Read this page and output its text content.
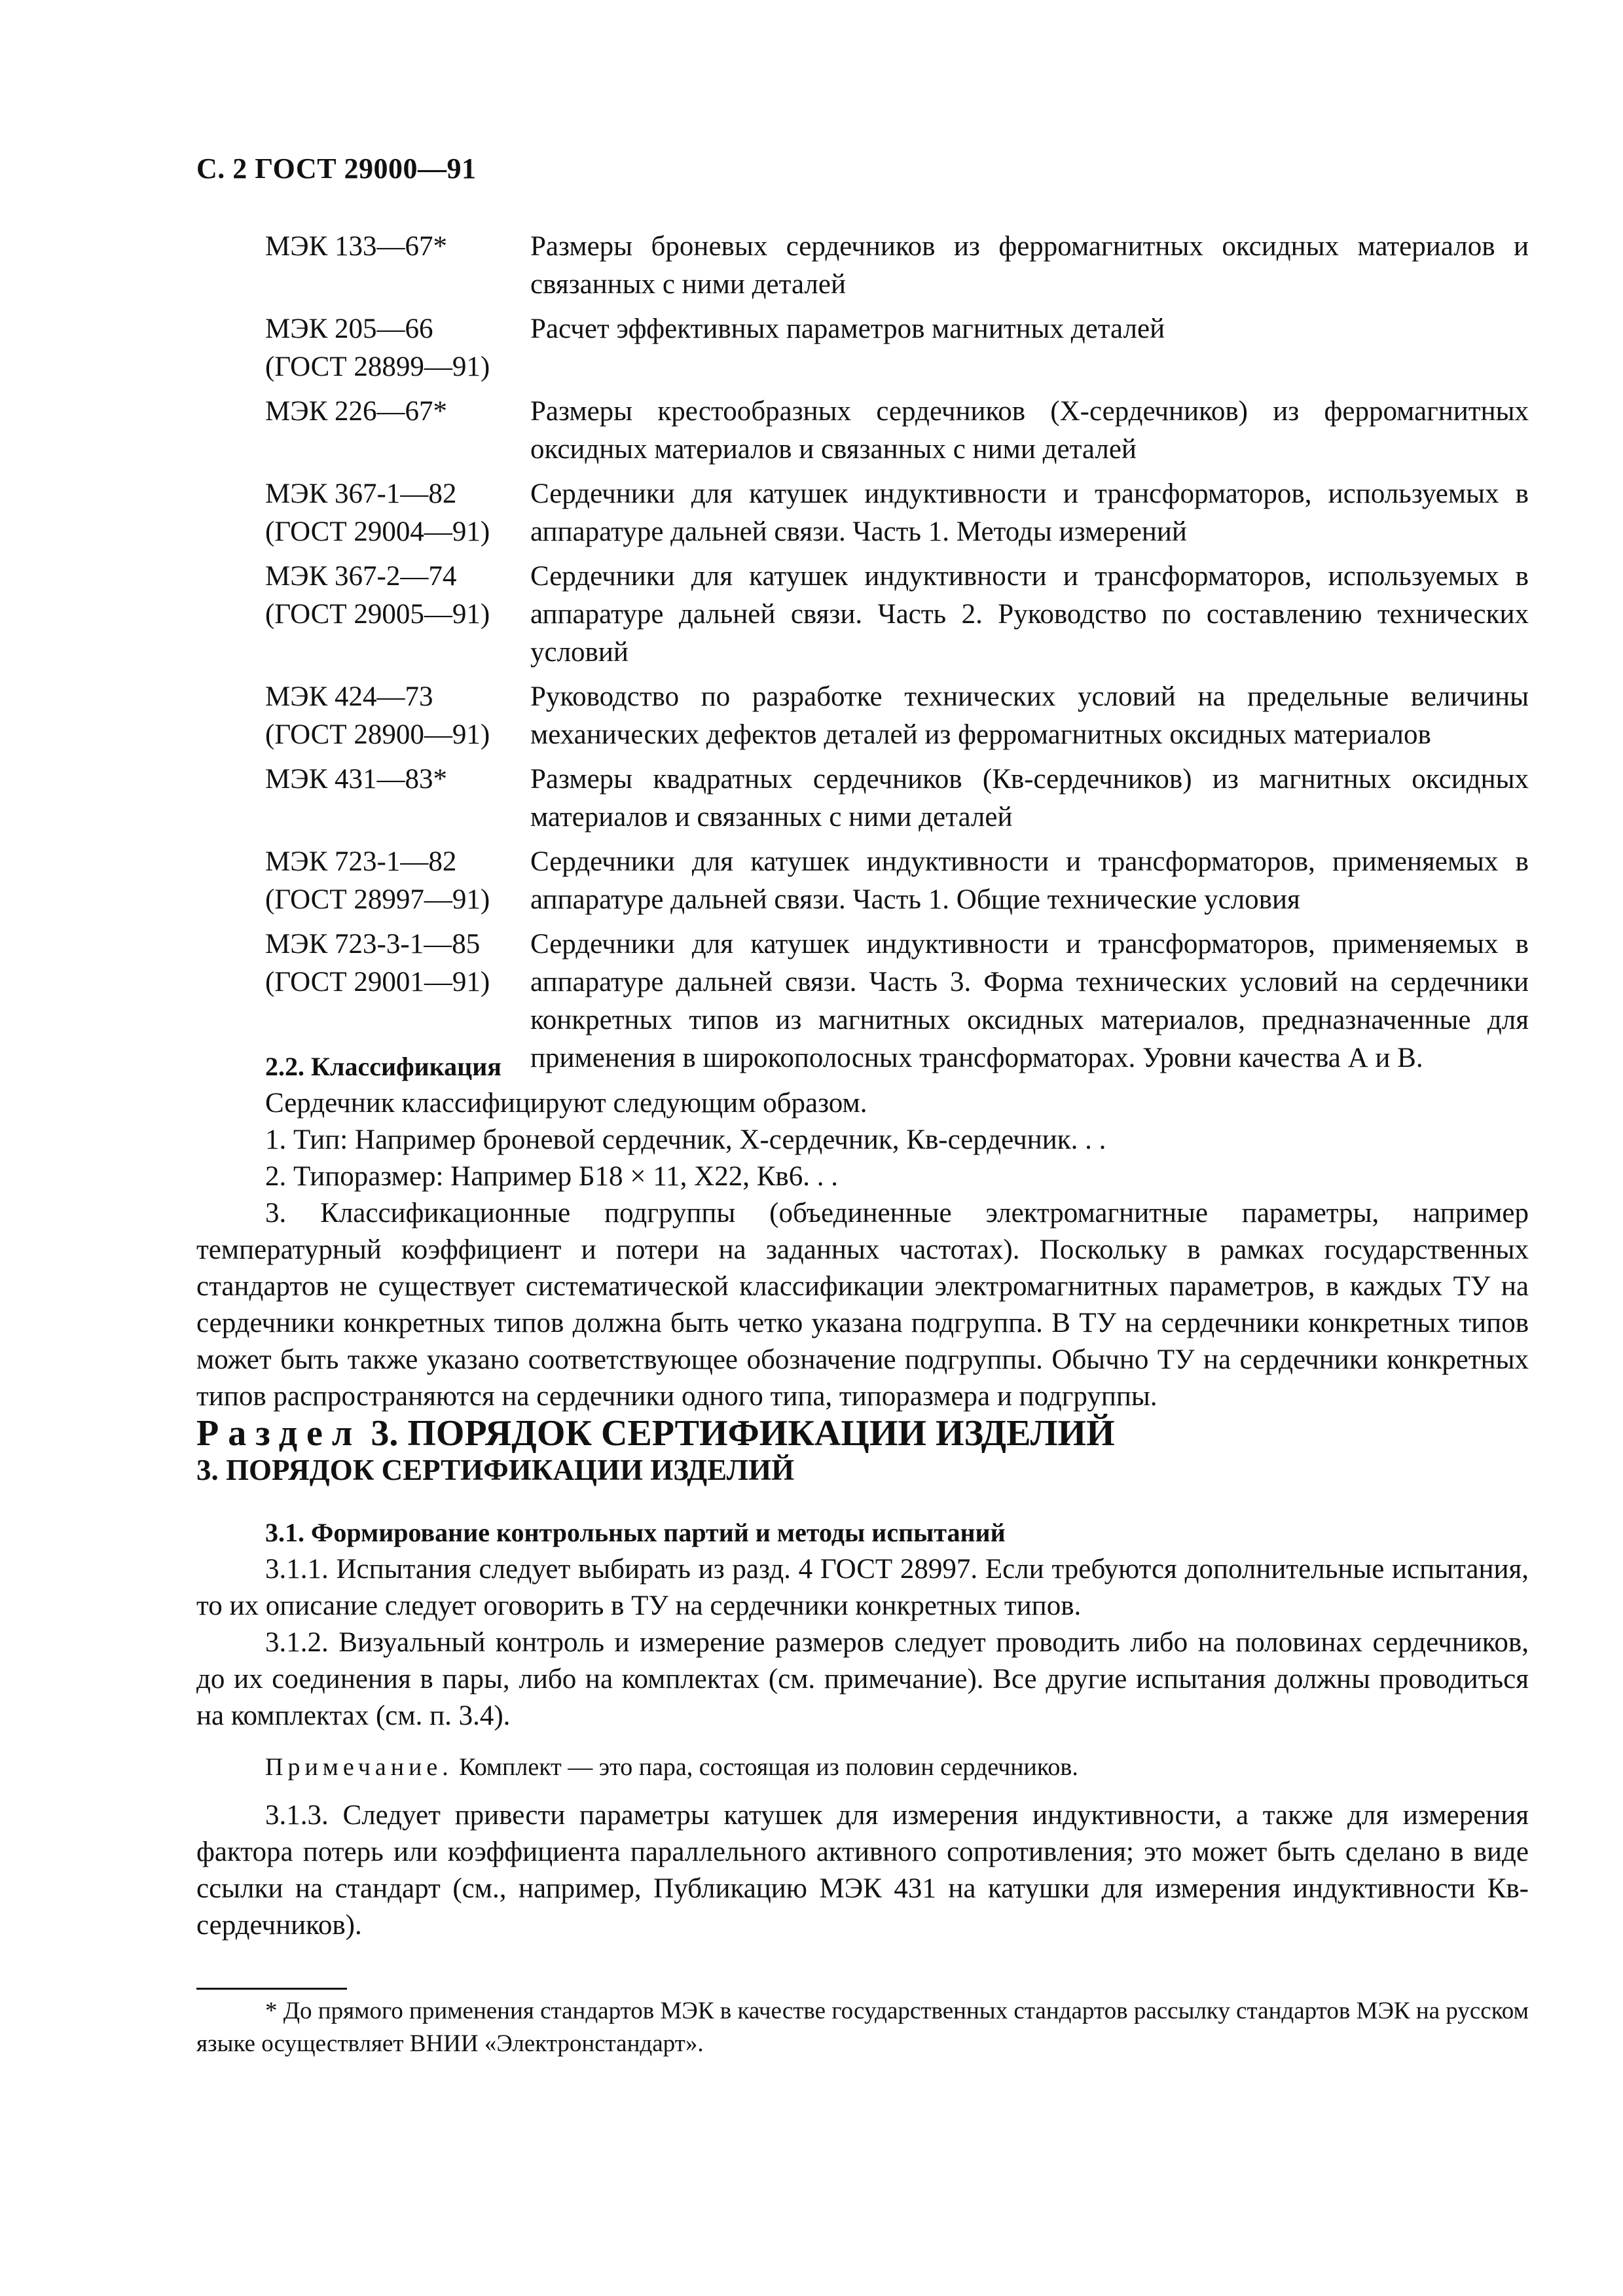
С. 2 ГОСТ 29000—91
МЭК 133—67*	Размеры броневых сердечников из ферромагнитных оксидных материалов и связанных с ними деталей
МЭК 205—66
(ГОСТ 28899—91)	Расчет эффективных параметров магнитных деталей
МЭК 226—67*	Размеры крестообразных сердечников (Х-сердечников) из ферромагнитных оксидных материалов и связанных с ними деталей
МЭК 367-1—82
(ГОСТ 29004—91)	Сердечники для катушек индуктивности и трансформаторов, используемых в аппаратуре дальней связи. Часть 1. Методы измерений
МЭК 367-2—74
(ГОСТ 29005—91)	Сердечники для катушек индуктивности и трансформаторов, используемых в аппаратуре дальней связи. Часть 2. Руководство по составлению технических условий
МЭК 424—73
(ГОСТ 28900—91)	Руководство по разработке технических условий на предельные величины механических дефектов деталей из ферромагнитных оксидных материалов
МЭК 431—83*	Размеры квадратных сердечников (Кв-сердечников) из магнитных оксидных материалов и связанных с ними деталей
МЭК 723-1—82
(ГОСТ 28997—91)	Сердечники для катушек индуктивности и трансформаторов, применяемых в аппаратуре дальней связи. Часть 1. Общие технические условия
МЭК 723-3-1—85
(ГОСТ 29001—91)	Сердечники для катушек индуктивности и трансформаторов, применяемых в аппаратуре дальней связи. Часть 3. Форма технических условий на сердечники конкретных типов из магнитных оксидных материалов, предназначенные для применения в широкополосных трансформаторах. Уровни качества А и В.

2.2. Классификация

Сердечник классифицируют следующим образом.

1. Тип: Например броневой сердечник, Х-сердечник, Кв-сердечник. . .

2. Типоразмер: Например Б18 × 11, Х22, Кв6. . .

3. Классификационные подгруппы (объединенные электромагнитные параметры, например температурный коэффициент и потери на заданных частотах). Поскольку в рамках государственных стандартов не существует систематической классификации электромагнитных параметров, в каждых ТУ на сердечники конкретных типов должна быть четко указана подгруппа. В ТУ на сердечники конкретных типов может быть также указано соответствующее обозначение подгруппы. Обычно ТУ на сердечники конкретных типов распространяются на сердечники одного типа, типоразмера и подгруппы.

Раздел 3. ПОРЯДОК СЕРТИФИКАЦИИ ИЗДЕЛИЙ

3. ПОРЯДОК СЕРТИФИКАЦИИ ИЗДЕЛИЙ

3.1. Формирование контрольных партий и методы испытаний

3.1.1. Испытания следует выбирать из разд. 4 ГОСТ 28997. Если требуются дополнительные испытания, то их описание следует оговорить в ТУ на сердечники конкретных типов.

3.1.2. Визуальный контроль и измерение размеров следует проводить либо на половинах сердечников, до их соединения в пары, либо на комплектах (см. примечание). Все другие испытания должны проводиться на комплектах (см. п. 3.4).

Примечание. Комплект — это пара, состоящая из половин сердечников.

3.1.3. Следует привести параметры катушек для измерения индуктивности, а также для измерения фактора потерь или коэффициента параллельного активного сопротивления; это может быть сделано в виде ссылки на стандарт (см., например, Публикацию МЭК 431 на катушки для измерения индуктивности Кв-сердечников).

* До прямого применения стандартов МЭК в качестве государственных стандартов рассылку стандартов МЭК на русском языке осуществляет ВНИИ «Электронстандарт».
